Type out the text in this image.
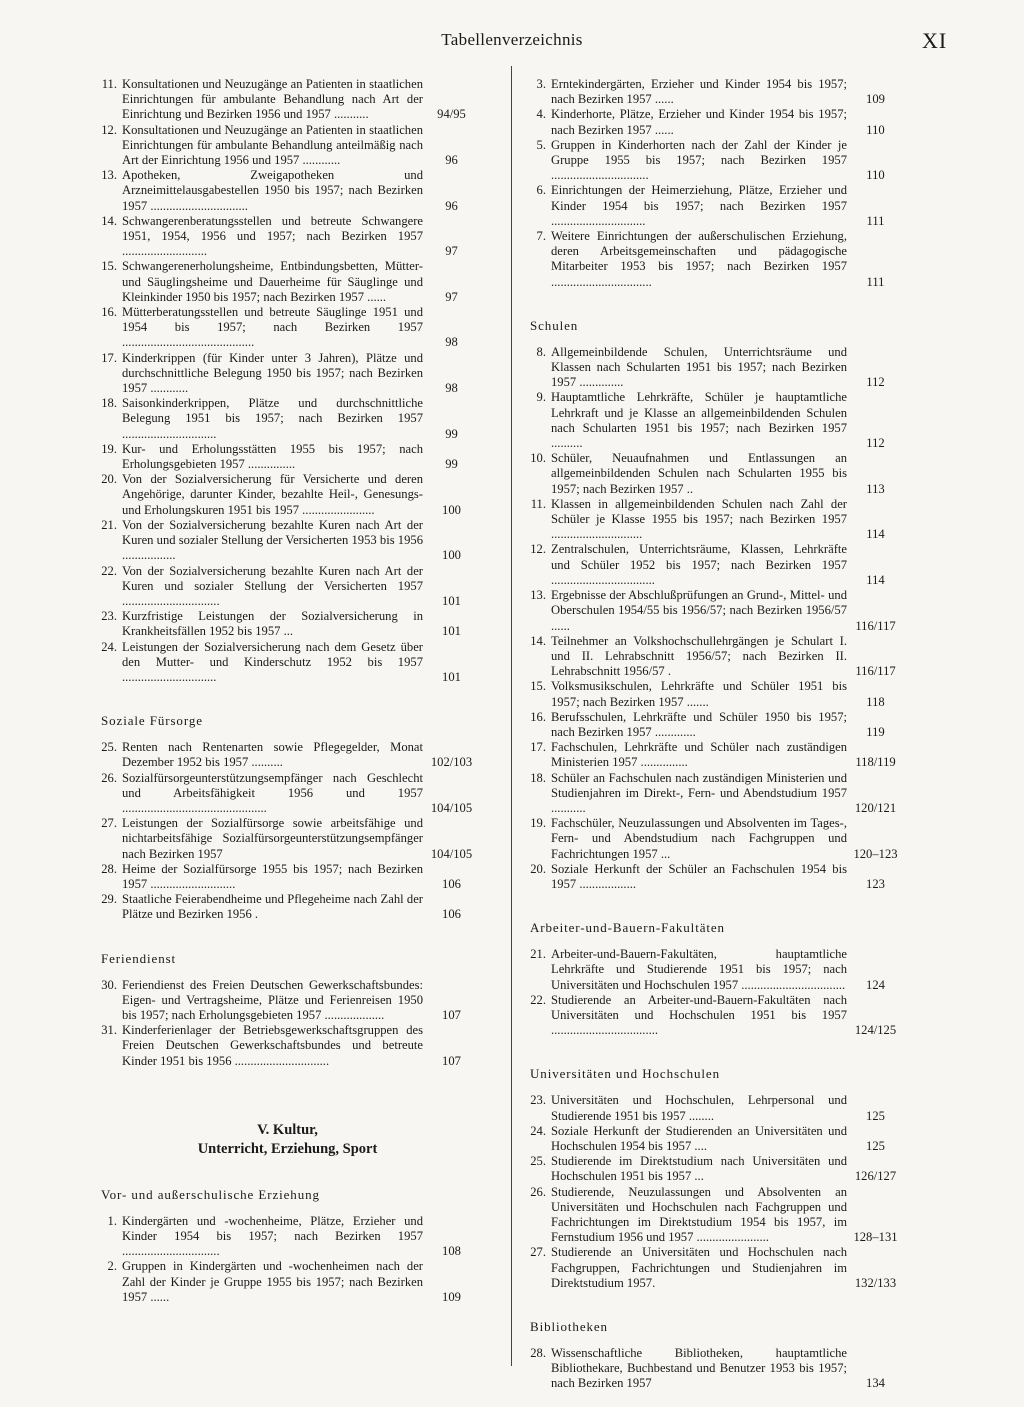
Tabellenverzeichnis	XI
11. Konsultationen und Neuzugänge an Patienten in staatlichen Einrichtungen für ambulante Behandlung nach Art der Einrichtung und Bezirken 1956 und 1957 ...........	94/95
12. Konsultationen und Neuzugänge an Patienten in staatlichen Einrichtungen für ambulante Behandlung anteilmäßig nach Art der Einrichtung 1956 und 1957 ............	96
13. Apotheken, Zweigapotheken und Arzneimittelausgabestellen 1950 bis 1957; nach Bezirken 1957 ...............................	96
14. Schwangerenberatungsstellen und betreute Schwangere 1951, 1954, 1956 und 1957; nach Bezirken 1957 ...........................	97
15. Schwangerenerholungsheime, Entbindungsbetten, Mütter- und Säuglingsheime und Dauerheime für Säuglinge und Kleinkinder 1950 bis 1957; nach Bezirken 1957 ......	97
16. Mütterberatungsstellen und betreute Säuglinge 1951 und 1954 bis 1957; nach Bezirken 1957 ..........................................	98
17. Kinderkrippen (für Kinder unter 3 Jahren), Plätze und durchschnittliche Belegung 1950 bis 1957; nach Bezirken 1957 ............	98
18. Saisonkinderkrippen, Plätze und durchschnittliche Belegung 1951 bis 1957; nach Bezirken 1957 ..............................	99
19. Kur- und Erholungsstätten 1955 bis 1957; nach Erholungsgebieten 1957 ...............	99
20. Von der Sozialversicherung für Versicherte und deren Angehörige, darunter Kinder, bezahlte Heil-, Genesungs- und Erholungskuren 1951 bis 1957 .......................	100
21. Von der Sozialversicherung bezahlte Kuren nach Art der Kuren und sozialer Stellung der Versicherten 1953 bis 1956 .................	100
22. Von der Sozialversicherung bezahlte Kuren nach Art der Kuren und sozialer Stellung der Versicherten 1957 ...............................	101
23. Kurzfristige Leistungen der Sozialversicherung in Krankheitsfällen 1952 bis 1957 ...	101
24. Leistungen der Sozialversicherung nach dem Gesetz über den Mutter- und Kinderschutz 1952 bis 1957 ..............................	101
Soziale Fürsorge
25. Renten nach Rentenarten sowie Pflegegelder, Monat Dezember 1952 bis 1957 ..........	102/103
26. Sozialfürsorgeunterstützungsempfänger nach Geschlecht und Arbeitsfähigkeit 1956 und 1957 ..............................................	104/105
27. Leistungen der Sozialfürsorge sowie arbeitsfähige und nichtarbeitsfähige Sozialfürsorgeunterstützungsempfänger nach Bezirken 1957	104/105
28. Heime der Sozialfürsorge 1955 bis 1957; nach Bezirken 1957 ...........................	106
29. Staatliche Feierabendheime und Pflegeheime nach Zahl der Plätze und Bezirken 1956 .	106
Feriendienst
30. Feriendienst des Freien Deutschen Gewerkschaftsbundes: Eigen- und Vertragsheime, Plätze und Ferienreisen 1950 bis 1957; nach Erholungsgebieten 1957 ...................	107
31. Kinderferienlager der Betriebsgewerkschaftsgruppen des Freien Deutschen Gewerkschaftsbundes und betreute Kinder 1951 bis 1956 ..............................	107
V. Kultur,
Unterricht, Erziehung, Sport
Vor- und außerschulische Erziehung
1. Kindergärten und -wochenheime, Plätze, Erzieher und Kinder 1954 bis 1957; nach Bezirken 1957 ...............................	108
2. Gruppen in Kindergärten und -wochenheimen nach der Zahl der Kinder je Gruppe 1955 bis 1957; nach Bezirken 1957 ......	109
3. Erntekindergärten, Erzieher und Kinder 1954 bis 1957; nach Bezirken 1957 ......	109
4. Kinderhorte, Plätze, Erzieher und Kinder 1954 bis 1957; nach Bezirken 1957 ......	110
5. Gruppen in Kinderhorten nach der Zahl der Kinder je Gruppe 1955 bis 1957; nach Bezirken 1957 ...............................	110
6. Einrichtungen der Heimerziehung, Plätze, Erzieher und Kinder 1954 bis 1957; nach Bezirken 1957 ..............................	111
7. Weitere Einrichtungen der außerschulischen Erziehung, deren Arbeitsgemeinschaften und pädagogische Mitarbeiter 1953 bis 1957; nach Bezirken 1957 ................................	111
Schulen
8. Allgemeinbildende Schulen, Unterrichtsräume und Klassen nach Schularten 1951 bis 1957; nach Bezirken 1957 ..............	112
9. Hauptamtliche Lehrkräfte, Schüler je hauptamtliche Lehrkraft und je Klasse an allgemeinbildenden Schulen nach Schularten 1951 bis 1957; nach Bezirken 1957 ..........	112
10. Schüler, Neuaufnahmen und Entlassungen an allgemeinbildenden Schulen nach Schularten 1955 bis 1957; nach Bezirken 1957 ..	113
11. Klassen in allgemeinbildenden Schulen nach Zahl der Schüler je Klasse 1955 bis 1957; nach Bezirken 1957 .............................	114
12. Zentralschulen, Unterrichtsräume, Klassen, Lehrkräfte und Schüler 1952 bis 1957; nach Bezirken 1957 .................................	114
13. Ergebnisse der Abschlußprüfungen an Grund-, Mittel- und Oberschulen 1954/55 bis 1956/57; nach Bezirken 1956/57 ......	116/117
14. Teilnehmer an Volkshochschullehrgängen je Schulart I. und II. Lehrabschnitt 1956/57; nach Bezirken II. Lehrabschnitt 1956/57 .	116/117
15. Volksmusikschulen, Lehrkräfte und Schüler 1951 bis 1957; nach Bezirken 1957 .......	118
16. Berufsschulen, Lehrkräfte und Schüler 1950 bis 1957; nach Bezirken 1957 .............	119
17. Fachschulen, Lehrkräfte und Schüler nach zuständigen Ministerien 1957 ...............	118/119
18. Schüler an Fachschulen nach zuständigen Ministerien und Studienjahren im Direkt-, Fern- und Abendstudium 1957 ...........	120/121
19. Fachschüler, Neuzulassungen und Absolventen im Tages-, Fern- und Abendstudium nach Fachgruppen und Fachrichtungen 1957 ...	120–123
20. Soziale Herkunft der Schüler an Fachschulen 1954 bis 1957 ..................	123
Arbeiter-und-Bauern-Fakultäten
21. Arbeiter-und-Bauern-Fakultäten, hauptamtliche Lehrkräfte und Studierende 1951 bis 1957; nach Universitäten und Hochschulen 1957 .................................	124
22. Studierende an Arbeiter-und-Bauern-Fakultäten nach Universitäten und Hochschulen 1951 bis 1957 ..................................	124/125
Universitäten und Hochschulen
23. Universitäten und Hochschulen, Lehrpersonal und Studierende 1951 bis 1957 ........	125
24. Soziale Herkunft der Studierenden an Universitäten und Hochschulen 1954 bis 1957 ....	125
25. Studierende im Direktstudium nach Universitäten und Hochschulen 1951 bis 1957 ...	126/127
26. Studierende, Neuzulassungen und Absolventen an Universitäten und Hochschulen nach Fachgruppen und Fachrichtungen im Direktstudium 1954 bis 1957, im Fernstudium 1956 und 1957 .......................	128–131
27. Studierende an Universitäten und Hochschulen nach Fachgruppen, Fachrichtungen und Studienjahren im Direktstudium 1957.	132/133
Bibliotheken
28. Wissenschaftliche Bibliotheken, hauptamtliche Bibliothekare, Buchbestand und Benutzer 1953 bis 1957; nach Bezirken 1957	134
